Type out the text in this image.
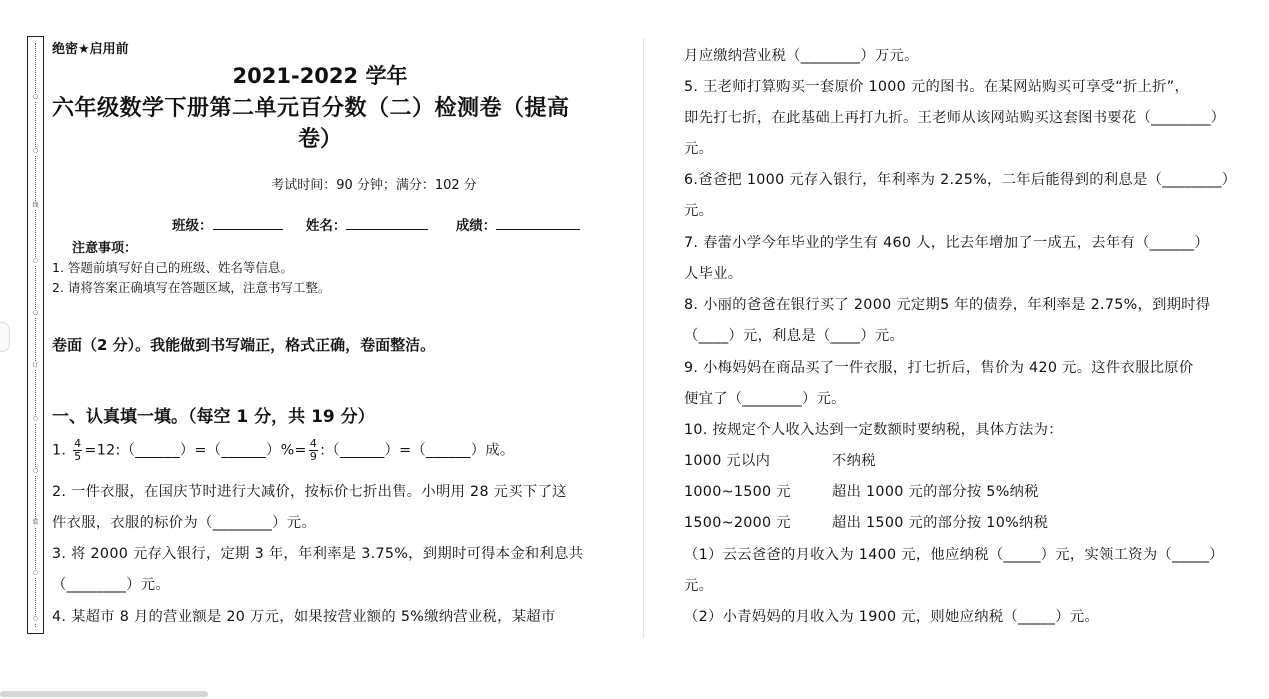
○
○
线
○
○
订
○
○
装
○
○
绝密★启用前
2021-2022 学年
六年级数学下册第二单元百分数（二）检测卷（提高
卷）
考试时间：90 分钟；满分：102 分
班级：	姓名：	成绩：
注意事项：
1. 答题前填写好自己的班级、姓名等信息。
2. 请将答案正确填写在答题区域，注意书写工整。
卷面（2 分）。我能做到书写端正，格式正确，卷面整洁。
一、认真填一填。（每空 1 分，共 19 分）
1. $\frac{4}{5}$ =12:（______）=（______）%= $\frac{4}{9}$ :（______）=（______）成。
2. 一件衣服，在国庆节时进行大减价，按标价七折出售。小明用 28 元买下了这
件衣服，衣服的标价为（________）元。
3. 将 2000 元存入银行，定期 3 年，年利率是 3.75%，到期时可得本金和利息共
（________）元。
4. 某超市 8 月的营业额是 20 万元，如果按营业额的 5%缴纳营业税，某超市
月应缴纳营业税（________）万元。
5. 王老师打算购买一套原价 1000 元的图书。在某网站购买可享受“折上折”，
即先打七折，在此基础上再打九折。王老师从该网站购买这套图书要花（________）
元。
6.爸爸把 1000 元存入银行，年利率为 2.25%，二年后能得到的利息是（________）
元。
7. 春蕾小学今年毕业的学生有 460 人，比去年增加了一成五，去年有（______）
人毕业。
8. 小丽的爸爸在银行买了 2000 元定期5 年的债券，年利率是 2.75%，到期时得
（____）元，利息是（____）元。
9. 小梅妈妈在商品买了一件衣服，打七折后，售价为 420 元。这件衣服比原价
便宜了（________）元。
10. 按规定个人收入达到一定数额时要纳税，具体方法为：
1000 元以内	不纳税
1000~1500 元	超出 1000 元的部分按 5%纳税
1500~2000 元	超出 1500 元的部分按 10%纳税
（1）云云爸爸的月收入为 1400 元，他应纳税（_____）元，实领工资为（_____）
元。
（2）小青妈妈的月收入为 1900 元，则她应纳税（_____）元。
